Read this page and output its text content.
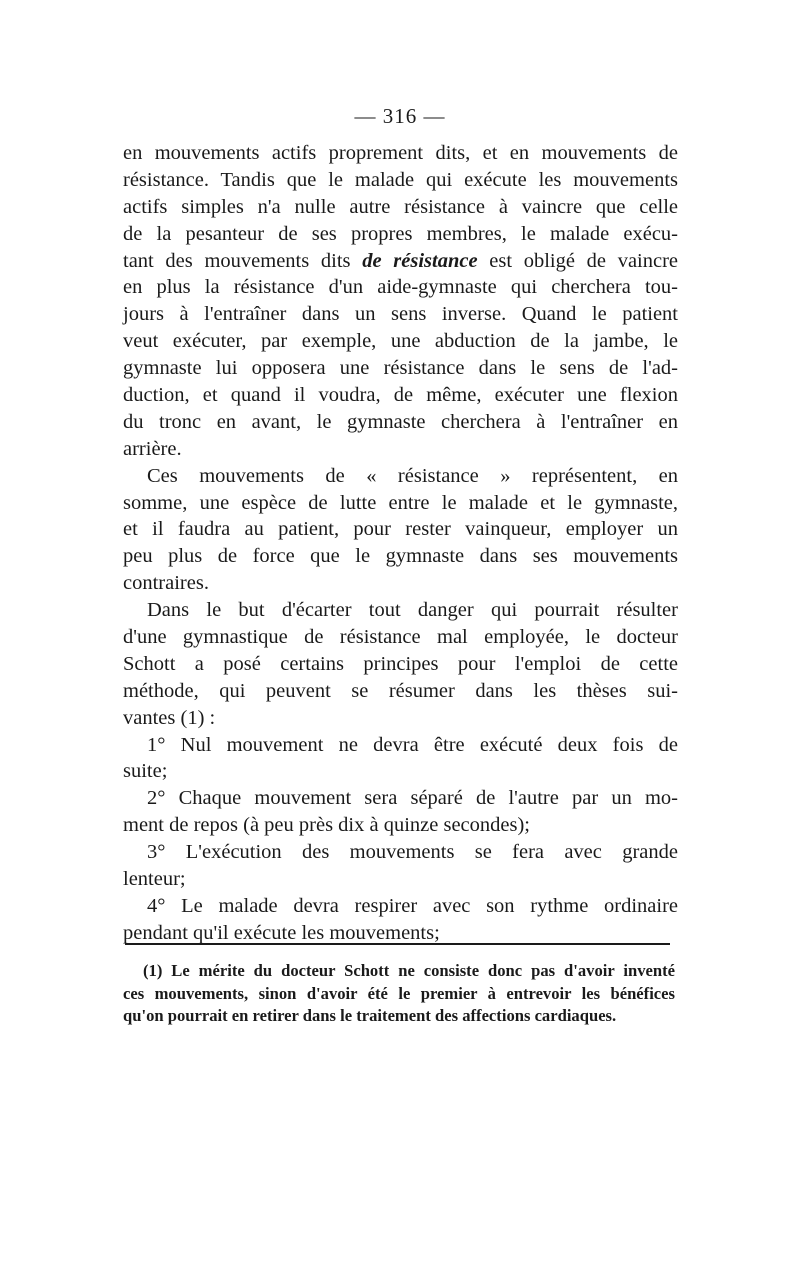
— 316 —
en mouvements actifs proprement dits, et en mouvements de
résistance. Tandis que le malade qui exécute les mouvements
actifs simples n'a nulle autre résistance à vaincre que celle
de la pesanteur de ses propres membres, le malade exécu-
tant des mouvements dits de résistance est obligé de vaincre
en plus la résistance d'un aide-gymnaste qui cherchera tou-
jours à l'entraîner dans un sens inverse. Quand le patient
veut exécuter, par exemple, une abduction de la jambe, le
gymnaste lui opposera une résistance dans le sens de l'ad-
duction, et quand il voudra, de même, exécuter une flexion
du tronc en avant, le gymnaste cherchera à l'entraîner en
arrière.
Ces mouvements de « résistance » représentent, en
somme, une espèce de lutte entre le malade et le gymnaste,
et il faudra au patient, pour rester vainqueur, employer un
peu plus de force que le gymnaste dans ses mouvements
contraires.
Dans le but d'écarter tout danger qui pourrait résulter
d'une gymnastique de résistance mal employée, le docteur
Schott a posé certains principes pour l'emploi de cette
méthode, qui peuvent se résumer dans les thèses sui-
vantes (1) :
1° Nul mouvement ne devra être exécuté deux fois de
suite;
2° Chaque mouvement sera séparé de l'autre par un mo-
ment de repos (à peu près dix à quinze secondes);
3° L'exécution des mouvements se fera avec grande
lenteur;
4° Le malade devra respirer avec son rythme ordinaire
pendant qu'il exécute les mouvements;
(1) Le mérite du docteur Schott ne consiste donc pas d'avoir inventé
ces mouvements, sinon d'avoir été le premier à entrevoir les bénéfices
qu'on pourrait en retirer dans le traitement des affections cardiaques.
